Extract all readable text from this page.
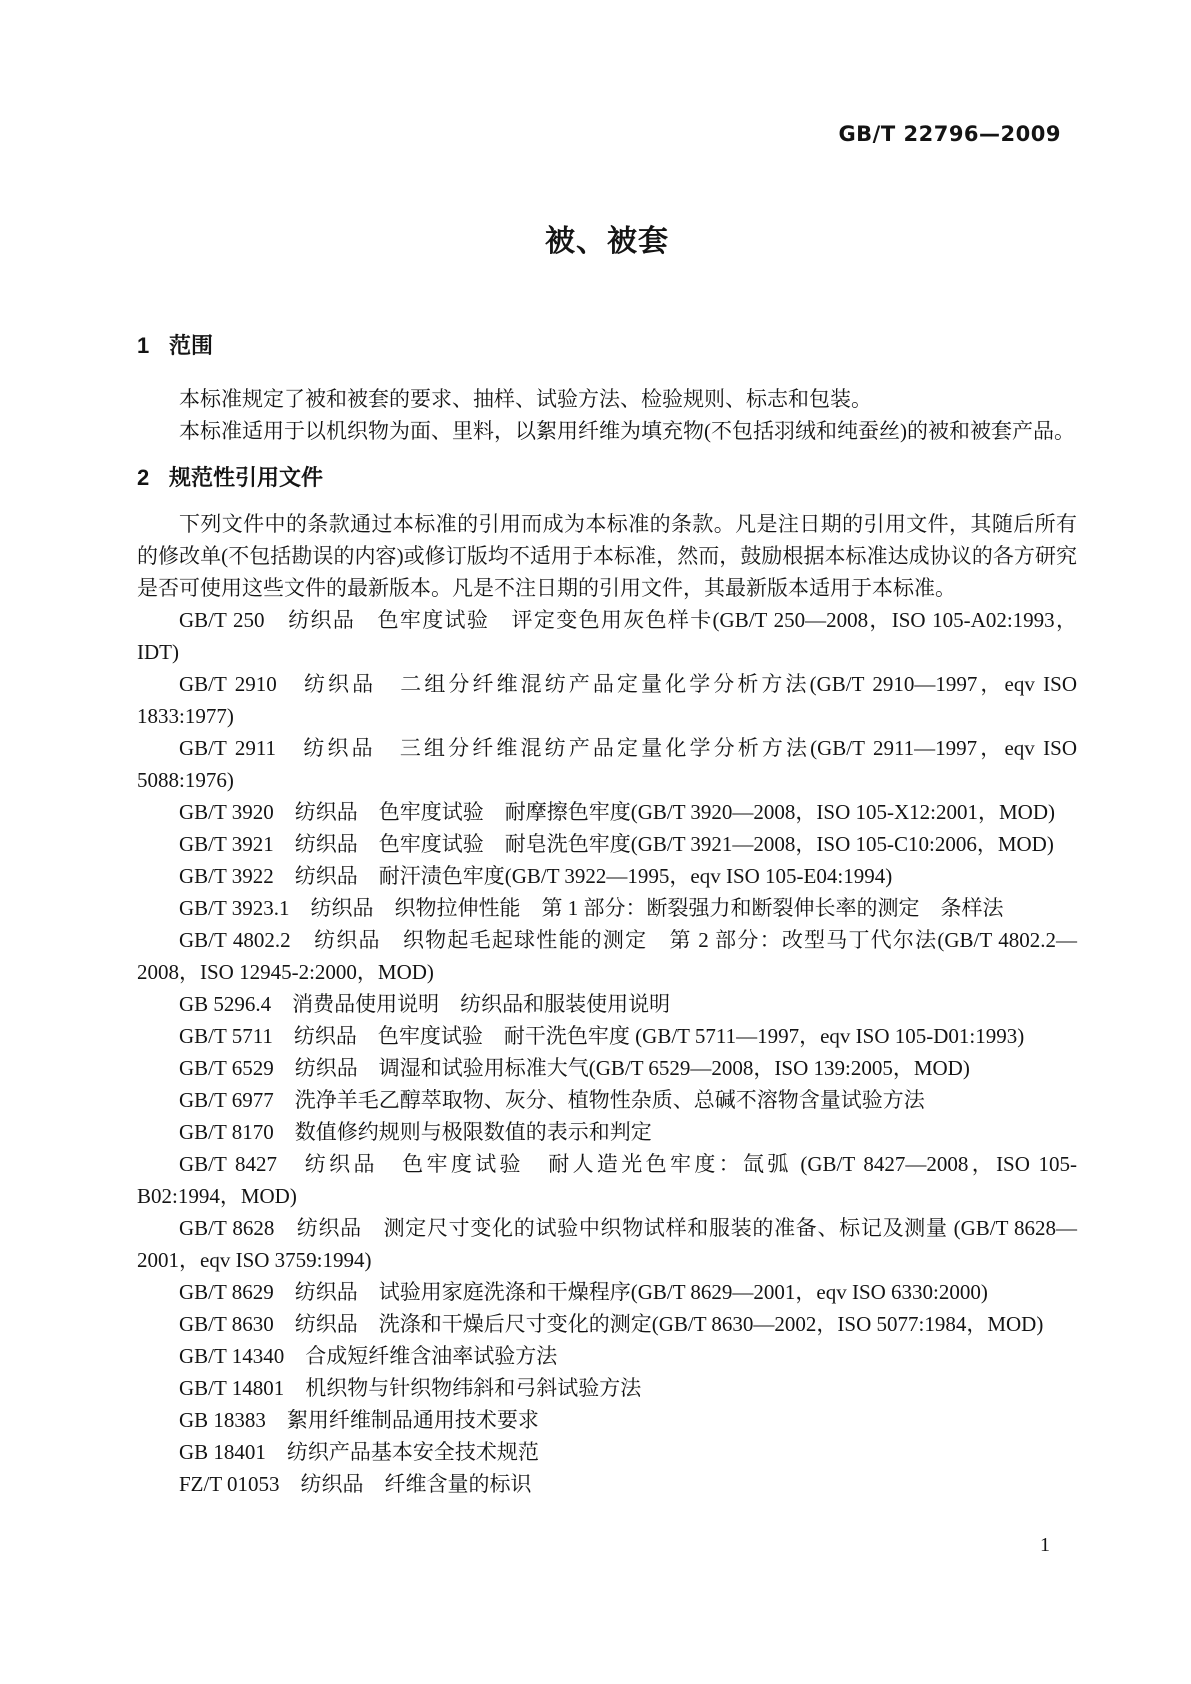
GB/T 22796—2009
被、被套
1 范围

本标准规定了被和被套的要求、抽样、试验方法、检验规则、标志和包装。

本标准适用于以机织物为面、里料，以絮用纤维为填充物(不包括羽绒和纯蚕丝)的被和被套产品。

2 规范性引用文件

下列文件中的条款通过本标准的引用而成为本标准的条款。凡是注日期的引用文件，其随后所有的修改单(不包括勘误的内容)或修订版均不适用于本标准，然而，鼓励根据本标准达成协议的各方研究是否可使用这些文件的最新版本。凡是不注日期的引用文件，其最新版本适用于本标准。

GB/T 250　纺织品　色牢度试验　评定变色用灰色样卡(GB/T 250—2008，ISO 105-A02:1993，IDT)

GB/T 2910　纺织品　二组分纤维混纺产品定量化学分析方法(GB/T 2910—1997，eqv ISO 1833:1977)

GB/T 2911　纺织品　三组分纤维混纺产品定量化学分析方法(GB/T 2911—1997，eqv ISO 5088:1976)

GB/T 3920　纺织品　色牢度试验　耐摩擦色牢度(GB/T 3920—2008，ISO 105-X12:2001，MOD)

GB/T 3921　纺织品　色牢度试验　耐皂洗色牢度(GB/T 3921—2008，ISO 105-C10:2006，MOD)

GB/T 3922　纺织品　耐汗渍色牢度(GB/T 3922—1995，eqv ISO 105-E04:1994)

GB/T 3923.1　纺织品　织物拉伸性能　第 1 部分：断裂强力和断裂伸长率的测定　条样法

GB/T 4802.2　纺织品　织物起毛起球性能的测定　第 2 部分：改型马丁代尔法(GB/T 4802.2—2008，ISO 12945-2:2000，MOD)

GB 5296.4　消费品使用说明　纺织品和服装使用说明

GB/T 5711　纺织品　色牢度试验　耐干洗色牢度 (GB/T 5711—1997，eqv ISO 105-D01:1993)

GB/T 6529　纺织品　调湿和试验用标准大气(GB/T 6529—2008，ISO 139:2005，MOD)

GB/T 6977　洗净羊毛乙醇萃取物、灰分、植物性杂质、总碱不溶物含量试验方法

GB/T 8170　数值修约规则与极限数值的表示和判定

GB/T 8427　纺织品　色牢度试验　耐人造光色牢度：氙弧 (GB/T 8427—2008，ISO 105-B02:1994，MOD)

GB/T 8628　纺织品　测定尺寸变化的试验中织物试样和服装的准备、标记及测量 (GB/T 8628—2001，eqv ISO 3759:1994)

GB/T 8629　纺织品　试验用家庭洗涤和干燥程序(GB/T 8629—2001，eqv ISO 6330:2000)

GB/T 8630　纺织品　洗涤和干燥后尺寸变化的测定(GB/T 8630—2002，ISO 5077:1984，MOD)

GB/T 14340　合成短纤维含油率试验方法

GB/T 14801　机织物与针织物纬斜和弓斜试验方法

GB 18383　絮用纤维制品通用技术要求

GB 18401　纺织产品基本安全技术规范

FZ/T 01053　纺织品　纤维含量的标识

1
